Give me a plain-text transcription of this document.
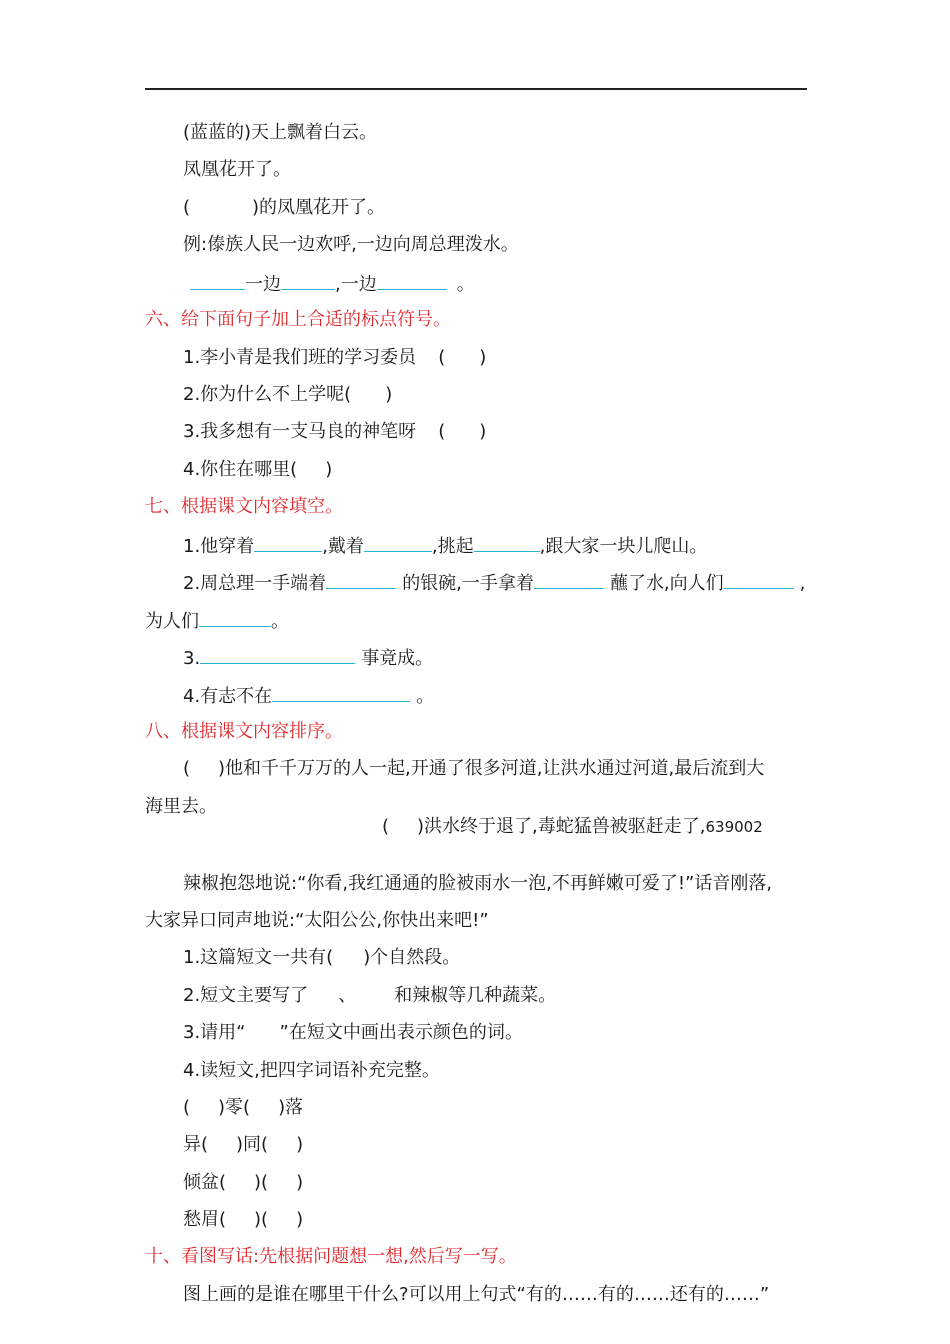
(蓝蓝的)天上飘着白云。
凤凰花开了。
(	)的凤凰花开了。
例:傣族人民一边欢呼,一边向周总理泼水。
一边	,一边	。
六、给下面句子加上合适的标点符号。
1.李小青是我们班的学习委员 ( )
2.你为什么不上学呢( )
3.我多想有一支马良的神笔呀 ( )
4.你住在哪里( )
七、根据课文内容填空。
1.他穿着	,戴着	,挑起	,跟大家一块儿爬山。
2.周总理一手端着	的银碗,一手拿着	蘸了水,向人们	,
为人们	。
3.	事竟成。
4.有志不在	。
八、根据课文内容排序。
( )他和千千万万的人一起,开通了很多河道,让洪水通过河道,最后流到大
海里去。
( )洪水终于退了,毒蛇猛兽被驱赶走了,639002
辣椒抱怨地说:“你看,我红通通的脸被雨水一泡,不再鲜嫩可爱了!”话音刚落,
大家异口同声地说:“太阳公公,你快出来吧!”
1.这篇短文一共有( )个自然段。
2.短文主要写了 、 和辣椒等几种蔬菜。
3.请用“ ”在短文中画出表示颜色的词。
4.读短文,把四字词语补充完整。
( )零( )落
异( )同( )
倾盆( )( )
愁眉( )( )
十、看图写话:先根据问题想一想,然后写一写。
图上画的是谁在哪里干什么?可以用上句式“有的……有的……还有的……”
